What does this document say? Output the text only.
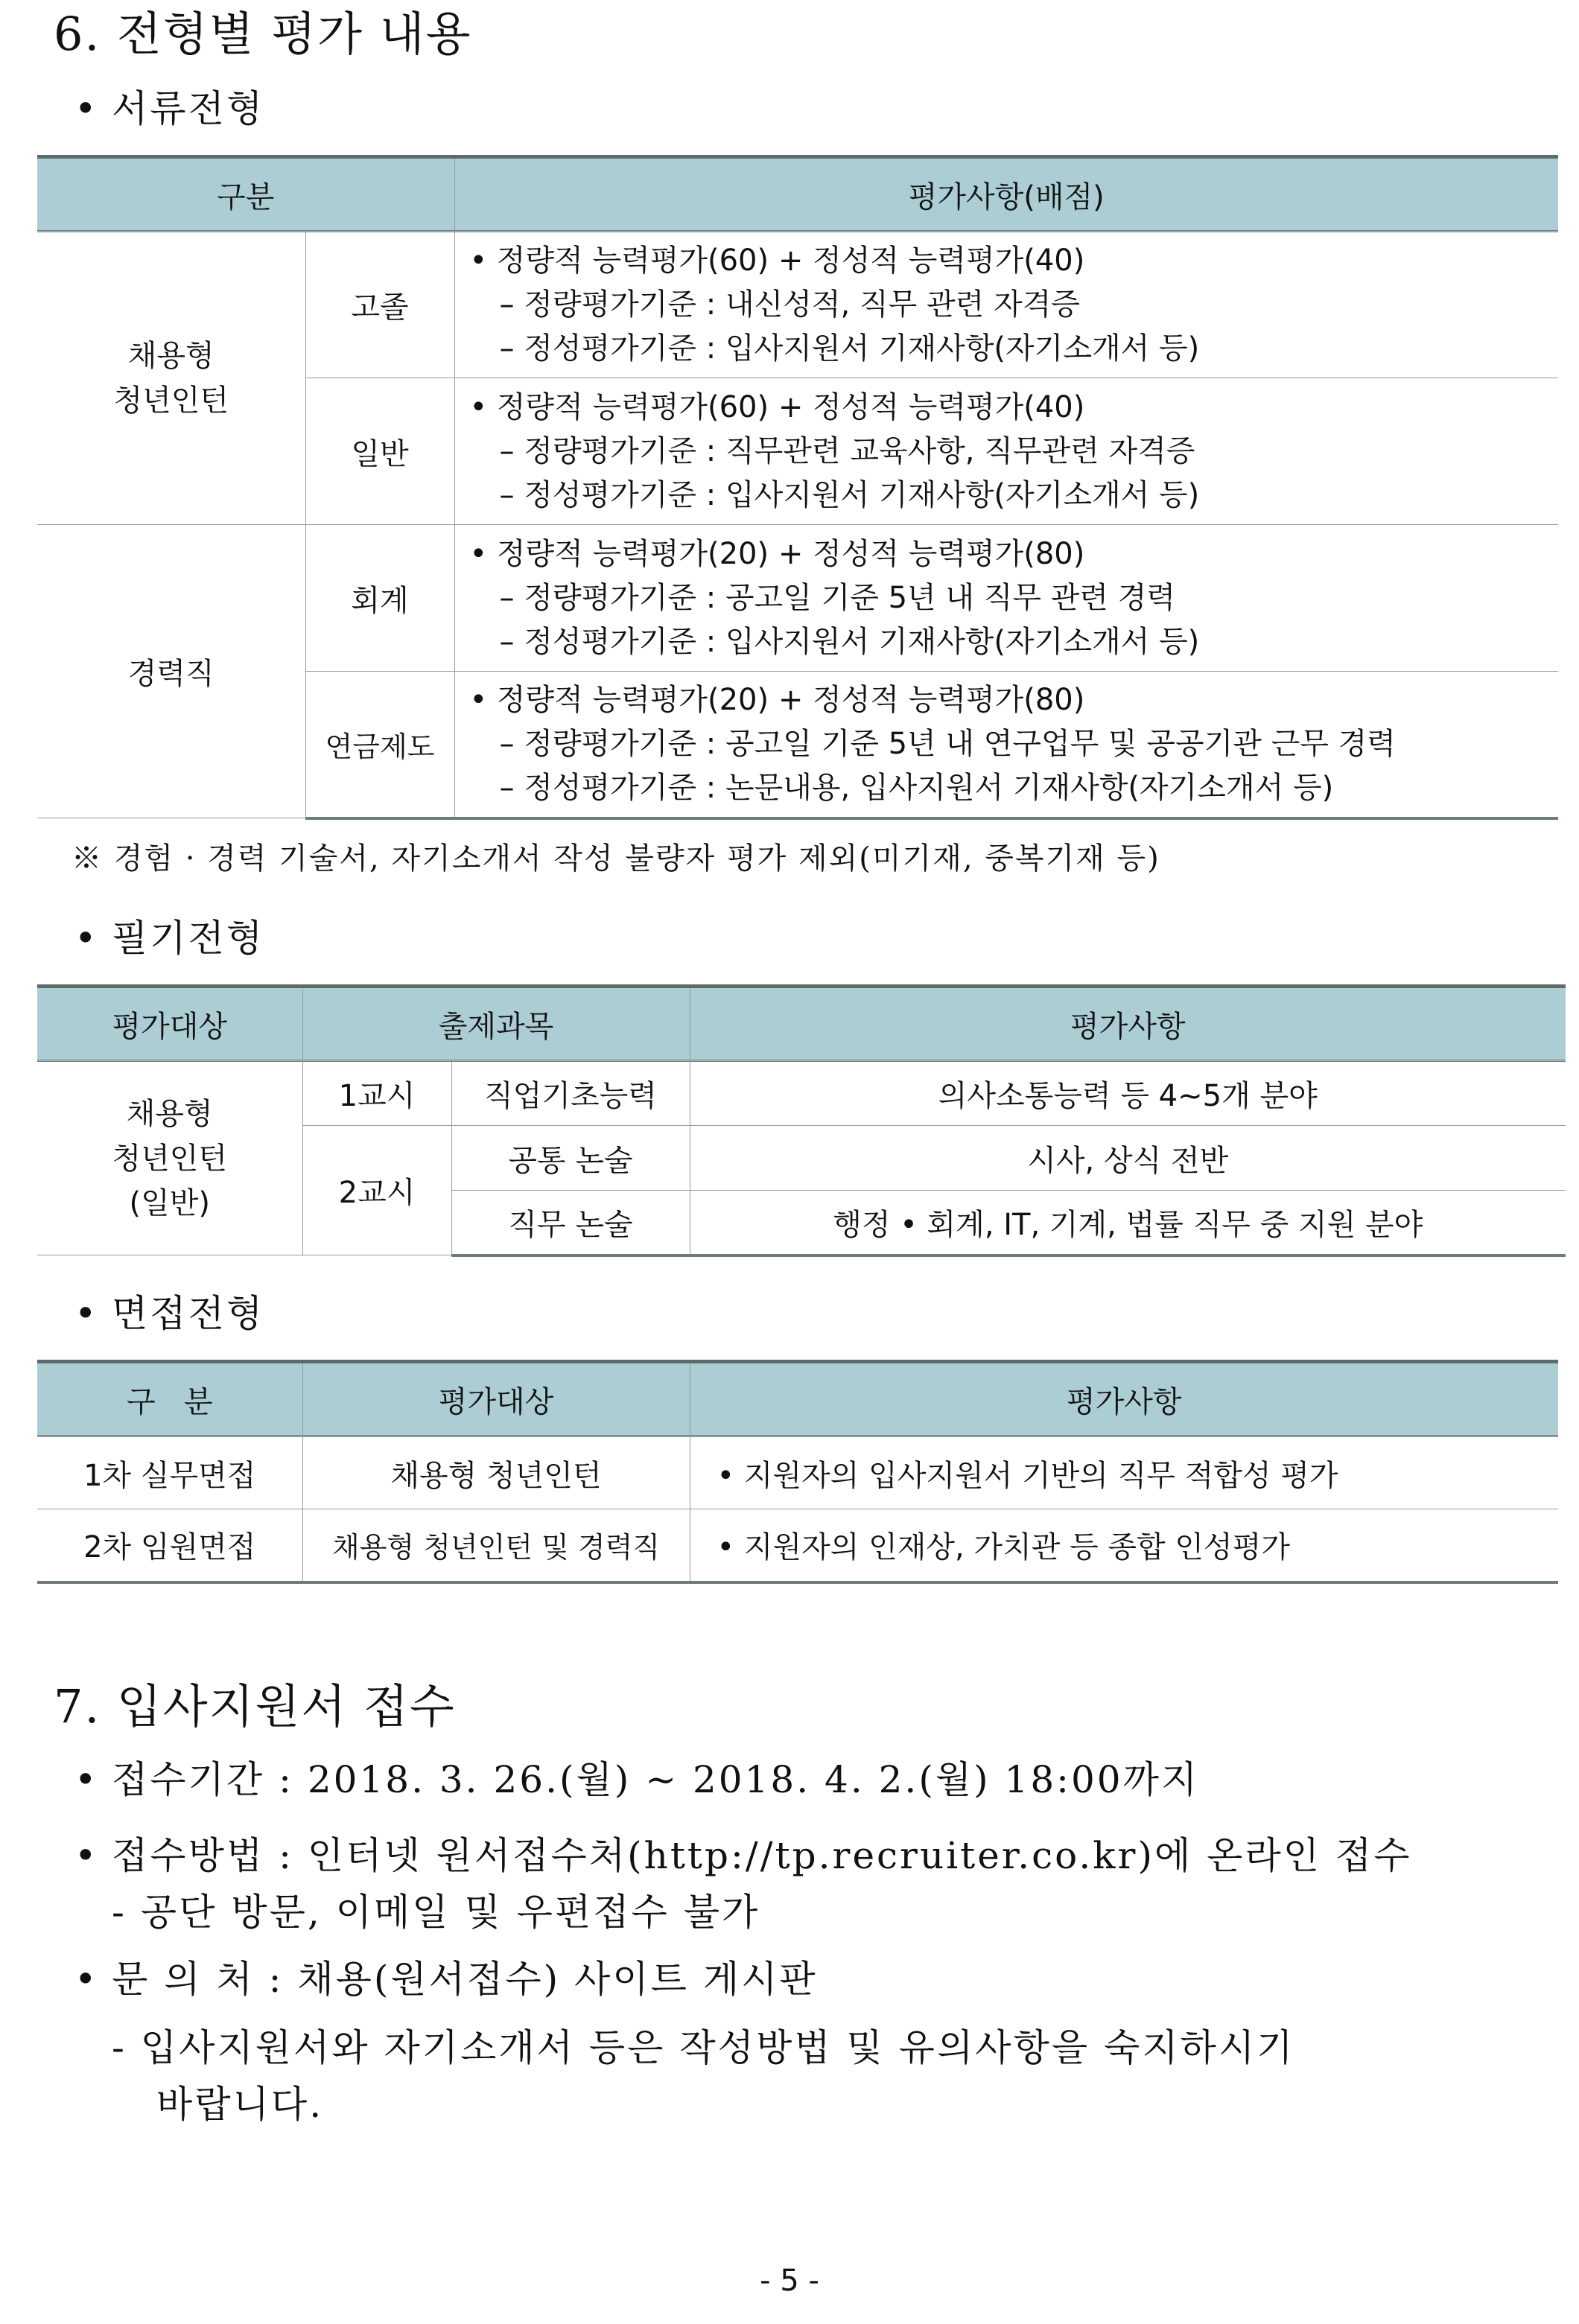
6. 전형별 평가 내용
• 서류전형
구분		평가사항(배점)

채용형
청년인턴	고졸	• 정량적 능력평가(60) + 정성적 능력평가(40)
– 정량평가기준 : 내신성적, 직무 관련 자격증
– 정성평가기준 : 입사지원서 기재사항(자기소개서 등)

	일반	• 정량적 능력평가(60) + 정성적 능력평가(40)
– 정량평가기준 : 직무관련 교육사항, 직무관련 자격증
– 정성평가기준 : 입사지원서 기재사항(자기소개서 등)

경력직	회계	• 정량적 능력평가(20) + 정성적 능력평가(80)
– 정량평가기준 : 공고일 기준 5년 내 직무 관련 경력
– 정성평가기준 : 입사지원서 기재사항(자기소개서 등)

	연금제도	• 정량적 능력평가(20) + 정성적 능력평가(80)
– 정량평가기준 : 공고일 기준 5년 내 연구업무 및 공공기관 근무 경력
– 정성평가기준 : 논문내용, 입사지원서 기재사항(자기소개서 등)
※ 경험 · 경력 기술서, 자기소개서 작성 불량자 평가 제외(미기재, 중복기재 등)
• 필기전형
평가대상	출제과목		평가사항

채용형
청년인턴
(일반)	1교시	직업기초능력	의사소통능력 등 4~5개 분야
	2교시	공통 논술	시사, 상식 전반
		직무 논술	행정 • 회계, IT, 기계, 법률 직무 중 지원 분야
• 면접전형
구   분	평가대상	평가사항
1차 실무면접	채용형 청년인턴	• 지원자의 입사지원서 기반의 직무 적합성 평가
2차 임원면접	채용형 청년인턴 및 경력직	• 지원자의 인재상, 가치관 등 종합 인성평가
7. 입사지원서 접수
• 접수기간 : 2018. 3. 26.(월) ~ 2018. 4. 2.(월) 18:00까지
• 접수방법 : 인터넷 원서접수처(http://tp.recruiter.co.kr)에 온라인 접수
- 공단 방문, 이메일 및 우편접수 불가
• 문 의 처 : 채용(원서접수) 사이트 게시판
- 입사지원서와 자기소개서 등은 작성방법 및 유의사항을 숙지하시기
바랍니다.
- 5 -
